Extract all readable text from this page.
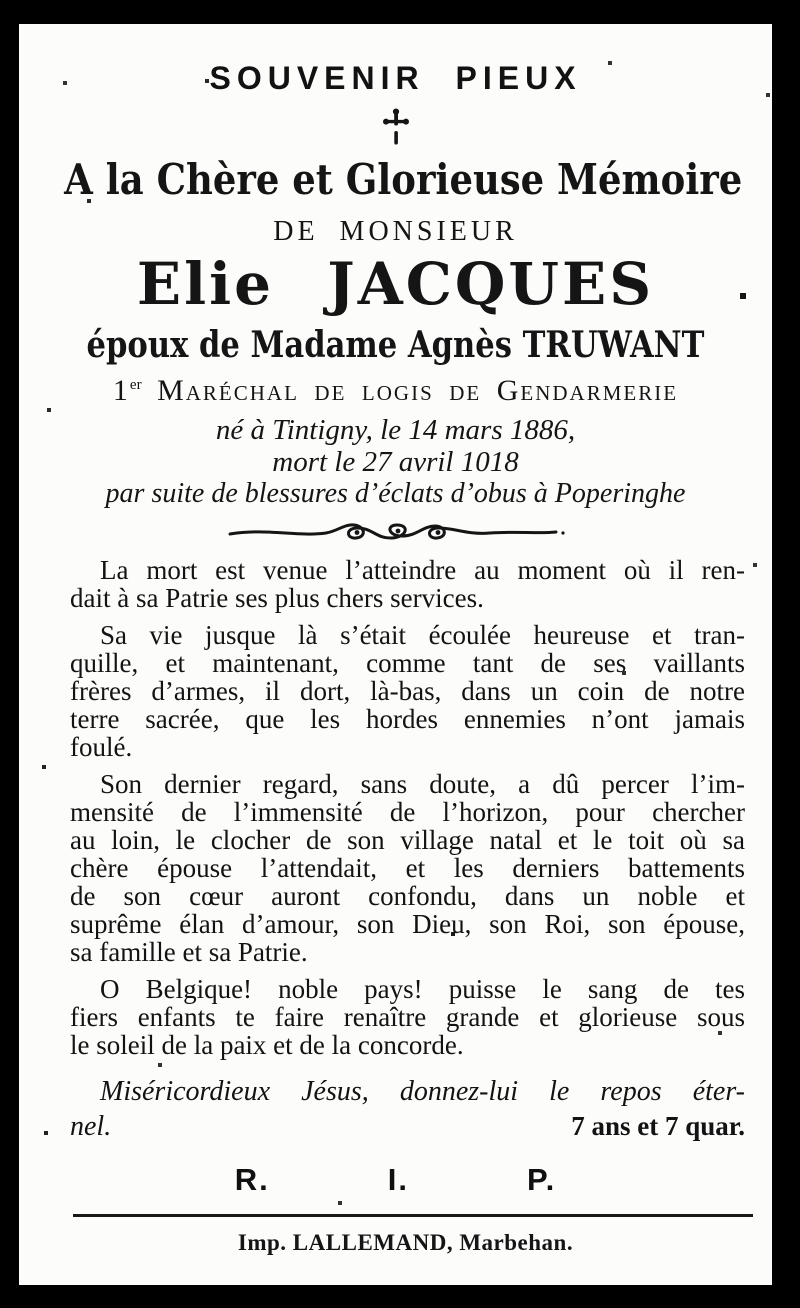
SOUVENIR PIEUX
A la Chère et Glorieuse Mémoire
DE MONSIEUR
Elie JACQUES
époux de Madame Agnès TRUWANT
1er Maréchal de logis de Gendarmerie
né à Tintigny, le 14 mars 1886,
mort le 27 avril 1018
par suite de blessures d’éclats d’obus à Poperinghe
La mort est venue l’atteindre au moment où il ren-
dait à sa Patrie ses plus chers services.
Sa vie jusque là s’était écoulée heureuse et tran-
quille, et maintenant, comme tant de ses vaillants
frères d’armes, il dort, là-bas, dans un coin de notre
terre sacrée, que les hordes ennemies n’ont jamais
foulé.
Son dernier regard, sans doute, a dû percer l’im-
mensité de l’immensité de l’horizon, pour chercher
au loin, le clocher de son village natal et le toit où sa
chère épouse l’attendait, et les derniers battements
de son cœur auront confondu, dans un noble et
suprême élan d’amour, son Dieu, son Roi, son épouse,
sa famille et sa Patrie.
O Belgique! noble pays! puisse le sang de tes
fiers enfants te faire renaître grande et glorieuse sous
le soleil de la paix et de la concorde.
Miséricordieux Jésus, donnez-lui le repos éter-
nel.	7 ans et 7 quar.
R.	I.	P.
Imp. LALLEMAND, Marbehan.
